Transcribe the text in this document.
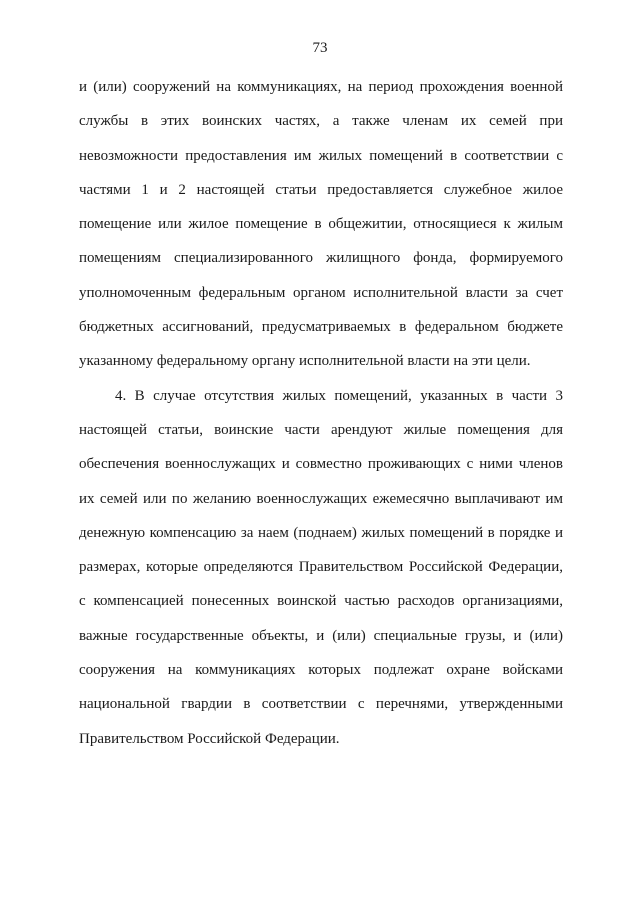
73
и (или) сооружений на коммуникациях, на период прохождения военной
службы в этих воинских частях, а также членам их семей при
невозможности предоставления им жилых помещений в соответствии с
частями 1 и 2 настоящей статьи предоставляется служебное жилое
помещение или жилое помещение в общежитии, относящиеся к жилым
помещениям специализированного жилищного фонда, формируемого
уполномоченным федеральным органом исполнительной власти за счет
бюджетных ассигнований, предусматриваемых в федеральном бюджете
указанному федеральному органу исполнительной власти на эти цели.
4. В случае отсутствия жилых помещений, указанных в части 3
настоящей статьи, воинские части арендуют жилые помещения для
обеспечения военнослужащих и совместно проживающих с ними членов
их семей или по желанию военнослужащих ежемесячно выплачивают им
денежную компенсацию за наем (поднаем) жилых помещений в порядке и
размерах, которые определяются Правительством Российской Федерации,
с компенсацией понесенных воинской частью расходов организациями,
важные государственные объекты, и (или) специальные грузы, и (или)
сооружения на коммуникациях которых подлежат охране войсками
национальной гвардии в соответствии с перечнями, утвержденными
Правительством Российской Федерации.
